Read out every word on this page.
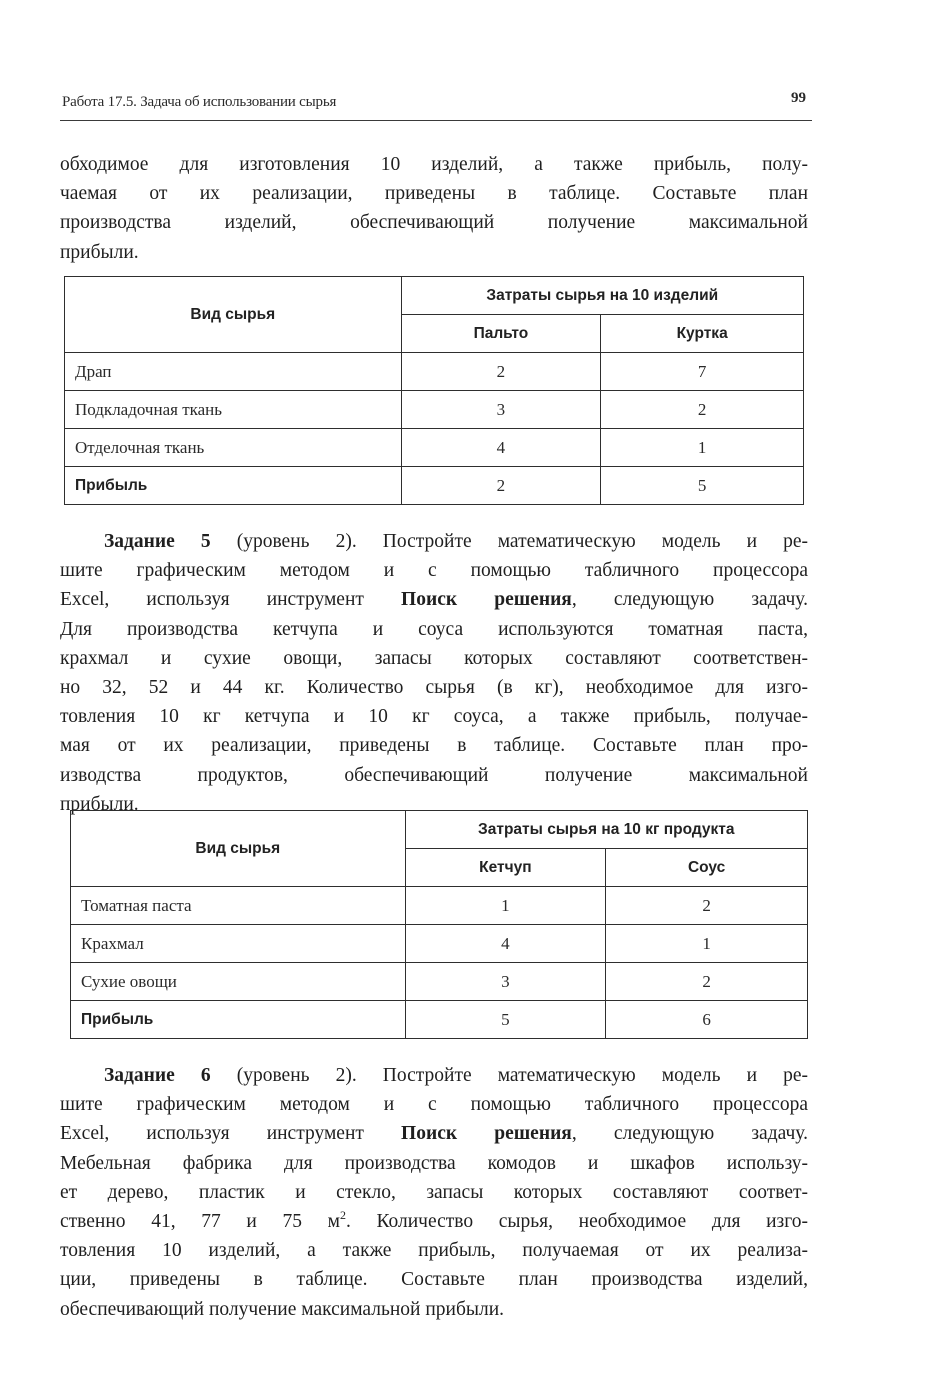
Работа 17.5. Задача об использовании сырья	99
обходимое для изготовления 10 изделий, а также прибыль, полу-
чаемая от их реализации, приведены в таблице. Составьте план
производства изделий, обеспечивающий получение максимальной
прибыли.
Вид сырья	Затраты сырья на 10 изделий	
	Пальто	Куртка
Драп	2	7
Подкладочная ткань	3	2
Отделочная ткань	4	1
Прибыль	2	5
Задание 5 (уровень 2). Постройте математическую модель и ре-
шите графическим методом и с помощью табличного процессора
Excel, используя инструмент Поиск решения, следующую задачу.
Для производства кетчупа и соуса используются томатная паста,
крахмал и сухие овощи, запасы которых составляют соответствен-
но 32, 52 и 44 кг. Количество сырья (в кг), необходимое для изго-
товления 10 кг кетчупа и 10 кг соуса, а также прибыль, получае-
мая от их реализации, приведены в таблице. Составьте план про-
изводства продуктов, обеспечивающий получение максимальной
прибыли.
Вид сырья	Затраты сырья на 10 кг продукта	
	Кетчуп	Соус
Томатная паста	1	2
Крахмал	4	1
Сухие овощи	3	2
Прибыль	5	6
Задание 6 (уровень 2). Постройте математическую модель и ре-
шите графическим методом и с помощью табличного процессора
Excel, используя инструмент Поиск решения, следующую задачу.
Мебельная фабрика для производства комодов и шкафов использу-
ет дерево, пластик и стекло, запасы которых составляют соответ-
ственно 41, 77 и 75 $м^2$. Количество сырья, необходимое для изго-
товления 10 изделий, а также прибыль, получаемая от их реализа-
ции, приведены в таблице. Составьте план производства изделий,
обеспечивающий получение максимальной прибыли.
